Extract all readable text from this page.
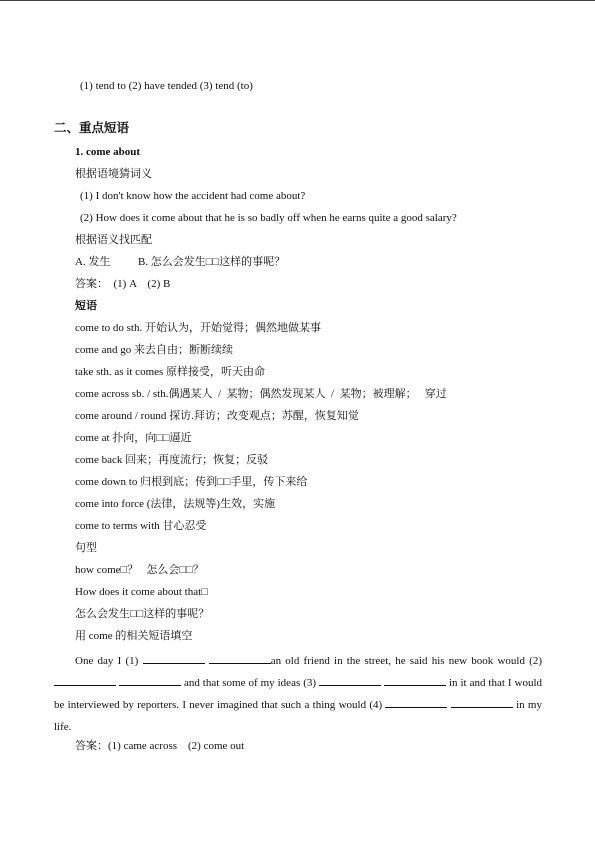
(1) tend to (2) have tended (3) tend (to)
二、重点短语
1. come about
根据语境猜词义
(1) I don't know how the accident had come about?
(2) How does it come about that he is so badly off when he earns quite a good salary?
根据语义找匹配
A. 发生          B. 怎么会发生□□这样的事呢？
答案：  (1) A    (2) B
短语
come to do sth. 开始认为，开始觉得；偶然地做某事
come and go 来去自由；断断续续
take sth. as it comes 原样接受，听天由命
come across sb. / sth.偶遇某人  /  某物；偶然发现某人  /  某物；被理解；   穿过
come around / round 探访.拜访；改变观点；苏醒，恢复知觉
come at 扑向，向□□逼近
come back 回来；再度流行；恢复；反驳
come down to 归根到底；传到□□手里，传下来给
come into force (法律，法规等)生效，实施
come to terms with 甘心忍受
句型
how come□？   怎么会□□？
How does it come about that□
怎么会发生□□这样的事呢？
用 come 的相关短语填空
One day I (1)	an old friend in the street, he said his new book would (2)   and that some of my ideas (3)	in it and that I would be interviewed by reporters. I never imagined that such a thing would (4)	in my life.
答案：(1) came across    (2) come out
